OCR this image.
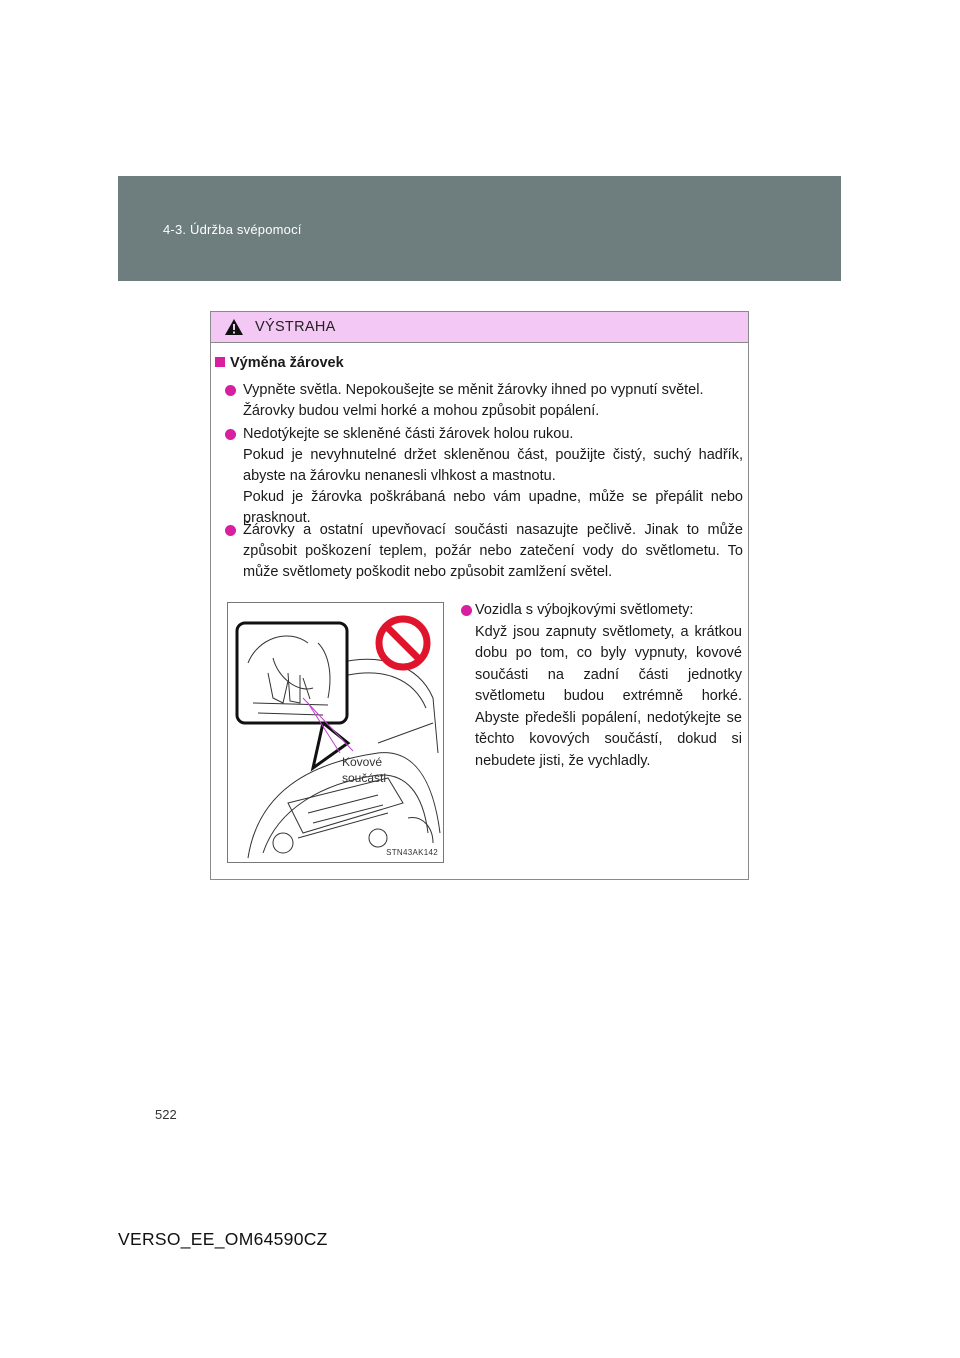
4-3. Údržba svépomocí
VÝSTRAHA
Výměna žárovek

Vypněte světla. Nepokoušejte se měnit žárovky ihned po vypnutí světel.

Žárovky budou velmi horké a mohou způsobit popálení.

Nedotýkejte se skleněné části žárovek holou rukou.

Pokud je nevyhnutelné držet skleněnou část, použijte čistý, suchý hadřík, abyste na žárovku nenanesli vlhkost a mastnotu.

Pokud je žárovka poškrábaná nebo vám upadne, může se přepálit nebo prasknout.

Žárovky a ostatní upevňovací součásti nasazujte pečlivě. Jinak to může způsobit poškození teplem, požár nebo zatečení vody do světlometu. To může světlomety poškodit nebo způsobit zamlžení světel.

Kovové
součásti
STN43AK142

Vozidla s výbojkovými světlomety:

Když jsou zapnuty světlomety, a krátkou dobu po tom, co byly vypnuty, kovové součásti na zadní části jednotky světlometu budou extrémně horké. Abyste předešli popálení, nedotýkejte se těchto kovových součástí, dokud si nebudete jisti, že vychladly.

522
VERSO_EE_OM64590CZ
